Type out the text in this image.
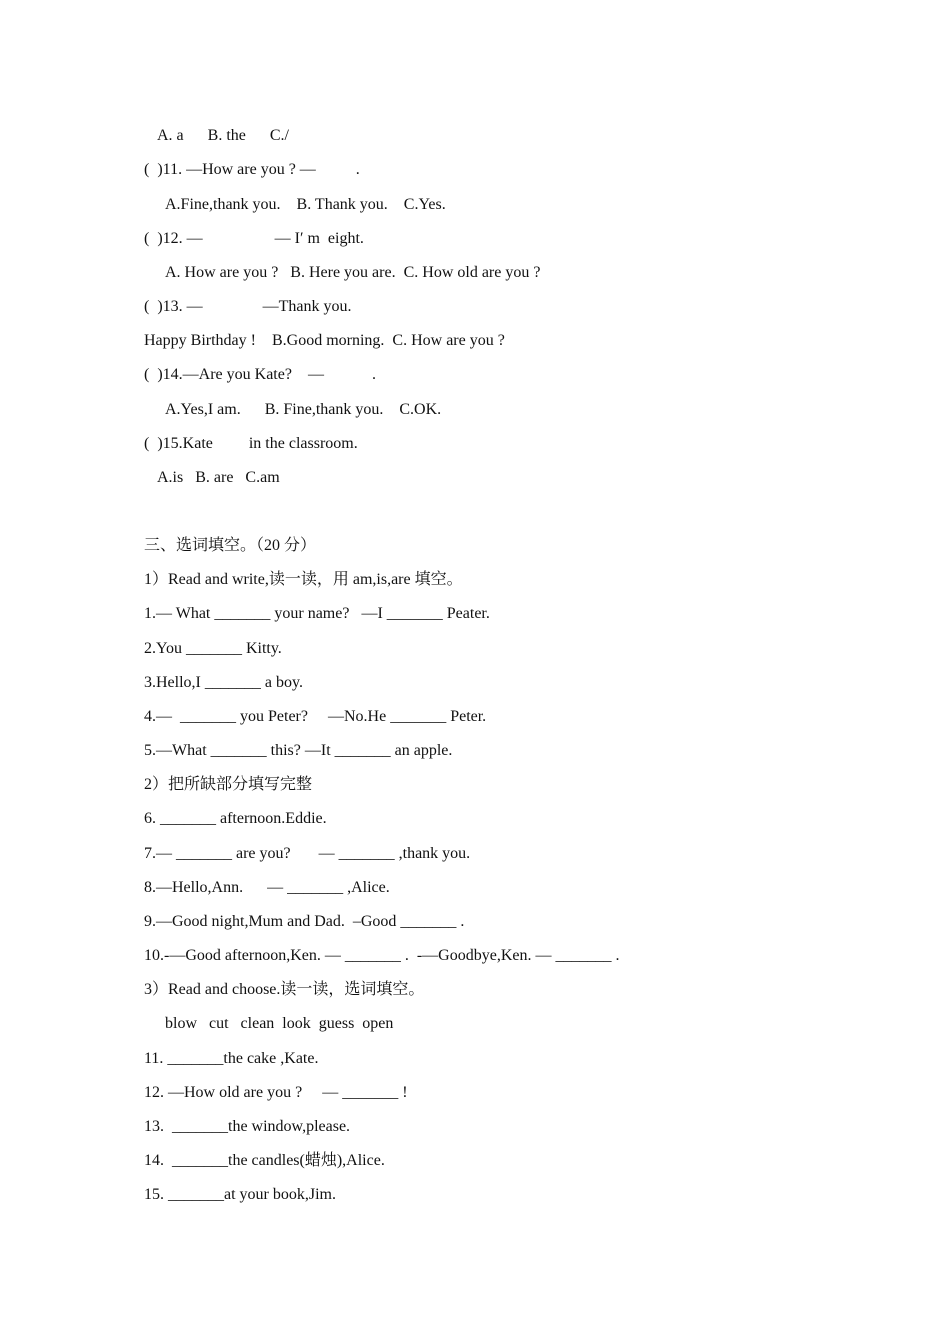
A. a      B. the      C./
(  )11. —How are you ? —          .
A.Fine,thank you.    B. Thank you.    C.Yes.
(  )12. —                  — I′ m  eight.
A. How are you ?   B. Here you are.  C. How old are you ?
(  )13. —               —Thank you.
Happy Birthday !    B.Good morning.  C. How are you ?
(  )14.—Are you Kate?    —            .
A.Yes,I am.      B. Fine,thank you.    C.OK.
(  )15.Kate         in the classroom.
A.is   B. are   C.am
三、选词填空。（20 分）
1）Read and write,读一读，用 am,is,are 填空。
1.— What _______ your name?   —I _______ Peater.
2.You _______ Kitty.
3.Hello,I _______ a boy.
4.—  _______ you Peter?     —No.He _______ Peter.
5.—What _______ this? —It _______ an apple.
2）把所缺部分填写完整
6. _______ afternoon.Eddie.
7.— _______ are you?       — _______ ,thank you.
8.—Hello,Ann.      — _______ ,Alice.
9.—Good night,Mum and Dad.  –Good _______ .
10.-—Good afternoon,Ken. — _______ .  -—Goodbye,Ken. — _______ .
3）Read and choose.读一读，选词填空。
blow   cut   clean  look  guess  open
11. _______the cake ,Kate.
12. —How old are you ?     — _______ !
13.  _______the window,please.
14.  _______the candles(蜡烛),Alice.
15. _______at your book,Jim.
